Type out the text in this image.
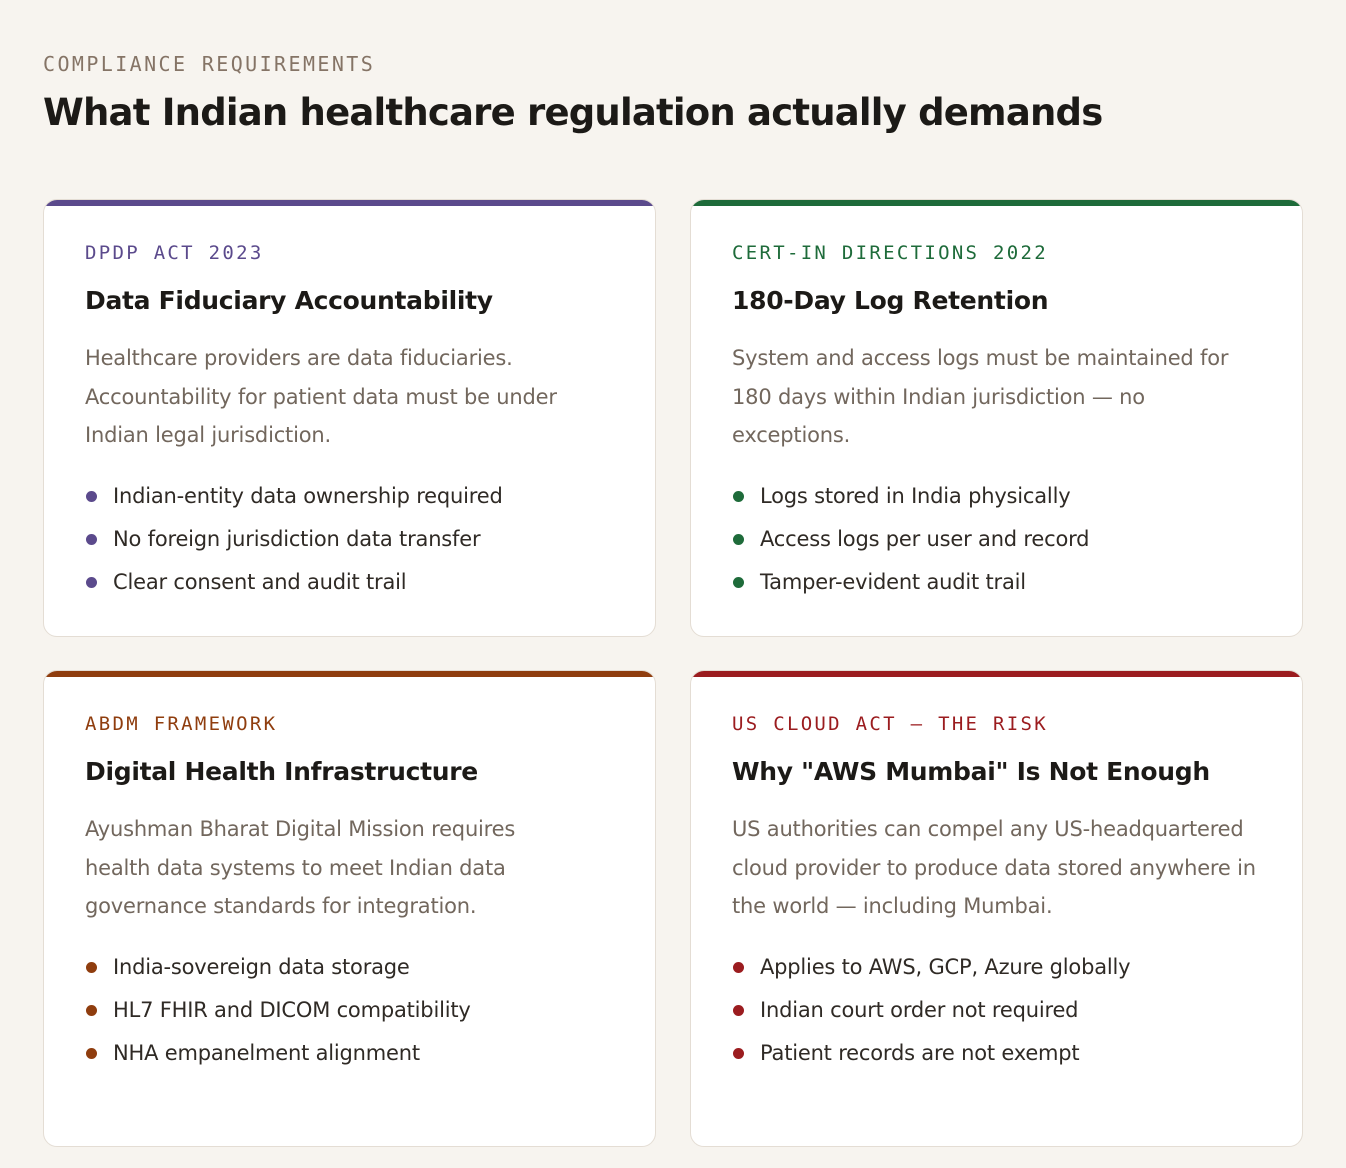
COMPLIANCE REQUIREMENTS
What Indian healthcare regulation actually demands
DPDP ACT 2023
Data Fiduciary Accountability

Healthcare providers are data fiduciaries. Accountability for patient data must be under Indian legal jurisdiction.

Indian-entity data ownership required
No foreign jurisdiction data transfer
Clear consent and audit trail
CERT-IN DIRECTIONS 2022
180-Day Log Retention

System and access logs must be maintained for 180 days within Indian jurisdiction — no exceptions.

Logs stored in India physically
Access logs per user and record
Tamper-evident audit trail
ABDM FRAMEWORK
Digital Health Infrastructure

Ayushman Bharat Digital Mission requires health data systems to meet Indian data governance standards for integration.

India-sovereign data storage
HL7 FHIR and DICOM compatibility
NHA empanelment alignment
US CLOUD ACT — THE RISK
Why "AWS Mumbai" Is Not Enough

US authorities can compel any US-headquartered cloud provider to produce data stored anywhere in the world — including Mumbai.

Applies to AWS, GCP, Azure globally
Indian court order not required
Patient records are not exempt
